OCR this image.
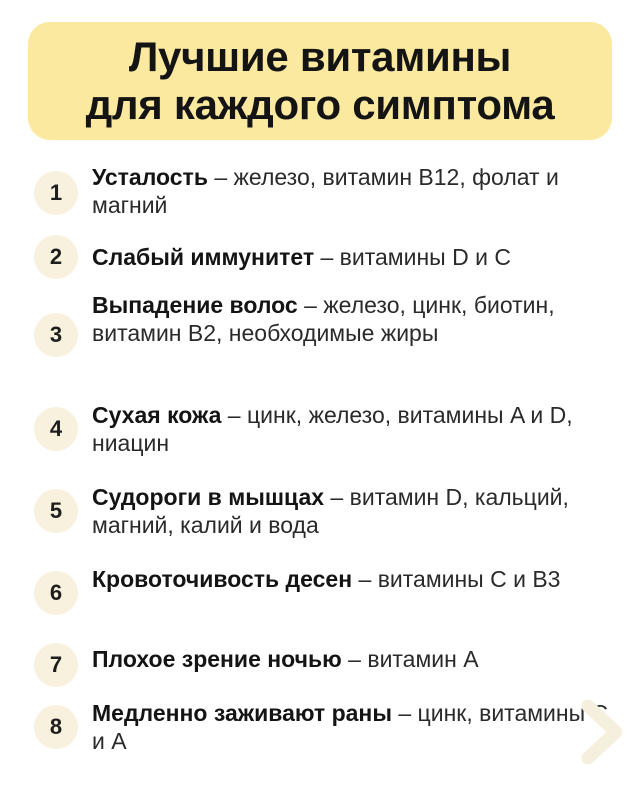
Лучшие витамины
для каждого симптома
1
Усталость – железо, витамин B12, фолат и магний
2	Слабый иммунитет – витамины D и C
3
Выпадение волос – железо, цинк, биотин, витамин B2, необходимые жиры
4
Сухая кожа – цинк, железо, витамины A и D, ниацин
5
Судороги в мышцах – витамин D, кальций, магний, калий и вода
6
Кровоточивость десен – витамины C и B3
7	Плохое зрение ночью – витамин A
8
Медленно заживают раны – цинк, витамины C и A
